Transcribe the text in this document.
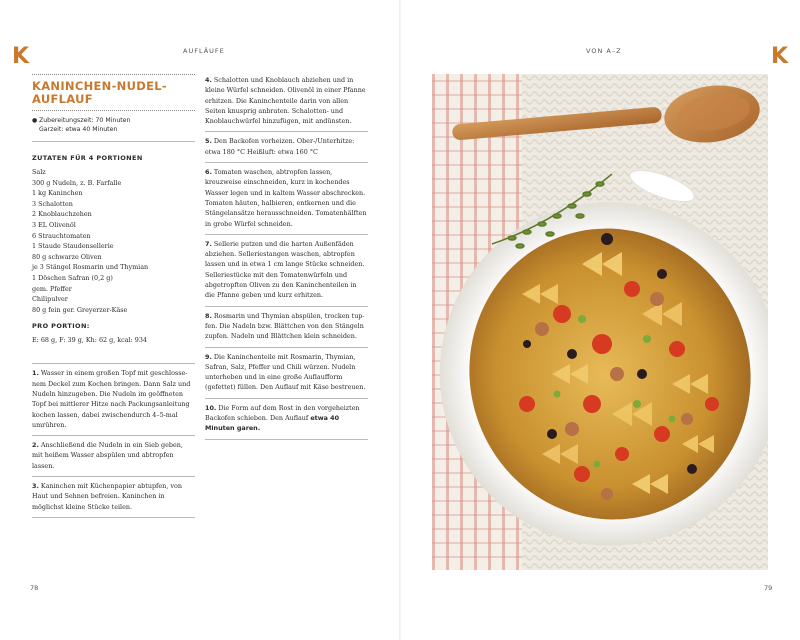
K	AUFLÄUFE
78
KANINCHEN-NUDEL-
AUFLAUF
● Zubereitungszeit: 70 Minuten
Garzeit: etwa 40 Minuten
ZUTATEN FÜR 4 PORTIONEN
Salz
300 g Nudeln, z. B. Farfalle
1 kg Kaninchen
3 Schalotten
2 Knoblauchzehen
3 EL Olivenöl
6 Strauchtomaten
1 Staude Staudensellerie
80 g schwarze Oliven
je 3 Stängel Rosmarin und Thymian
1 Döschen Safran (0,2 g)
gem. Pfeffer
Chilipulver
80 g fein ger. Greyerzer-Käse
PRO PORTION:
E: 68 g, F: 39 g, Kh: 62 g, kcal: 934
1. Wasser in einem großen Topf mit geschlosse-nem Deckel zum Kochen bringen. Dann Salz und Nudeln hinzugeben. Die Nudeln im geöffneten Topf bei mittlerer Hitze nach Packungsanleitung kochen lassen, dabei zwischendurch 4–5-mal umrühren.
2. Anschließend die Nudeln in ein Sieb geben, mit heißem Wasser abspülen und abtropfen lassen.
3. Kaninchen mit Küchenpapier abtupfen, von Haut und Sehnen befreien. Kaninchen in möglichst kleine Stücke teilen.
4. Schalotten und Knoblauch abziehen und in kleine Würfel schneiden. Olivenöl in einer Pfanne erhitzen. Die Kaninchenteile darin von allen Seiten knusprig anbraten. Schalotten- und Knoblauchwürfel hinzufügen, mit andünsten.
5. Den Backofen vorheizen. Ober-/Unterhitze: etwa 180 °C Heißluft: etwa 160 °C
6. Tomaten waschen, abtropfen lassen, kreuzweise einschneiden, kurz in kochendes Wasser legen und in kaltem Wasser abschrecken. Tomaten häuten, halbieren, entkernen und die Stängelansätze herausschneiden. Tomatenhälften in grobe Würfel schneiden.
7. Sellerie putzen und die harten Außenfäden abziehen. Selleriestangen waschen, abtropfen lassen und in etwa 1 cm lange Stücke schneiden. Selleriestücke mit den Tomatenwürfeln und abgetropften Oliven zu den Kaninchenteilen in die Pfanne geben und kurz erhitzen.
8. Rosmarin und Thymian abspülen, trocken tup-fen. Die Nadeln bzw. Blättchen von den Stängeln zupfen. Nadeln und Blättchen klein schneiden.
9. Die Kaninchenteile mit Rosmarin, Thymian, Safran, Salz, Pfeffer und Chili würzen. Nudeln unterheben und in eine große Auflaufform (gefettet) füllen. Den Auflauf mit Käse bestreuen.
10. Die Form auf dem Rost in den vorgeheizten Backofen schieben. Den Auflauf etwa 40 Minuten garen.
VON A–Z	K
79
